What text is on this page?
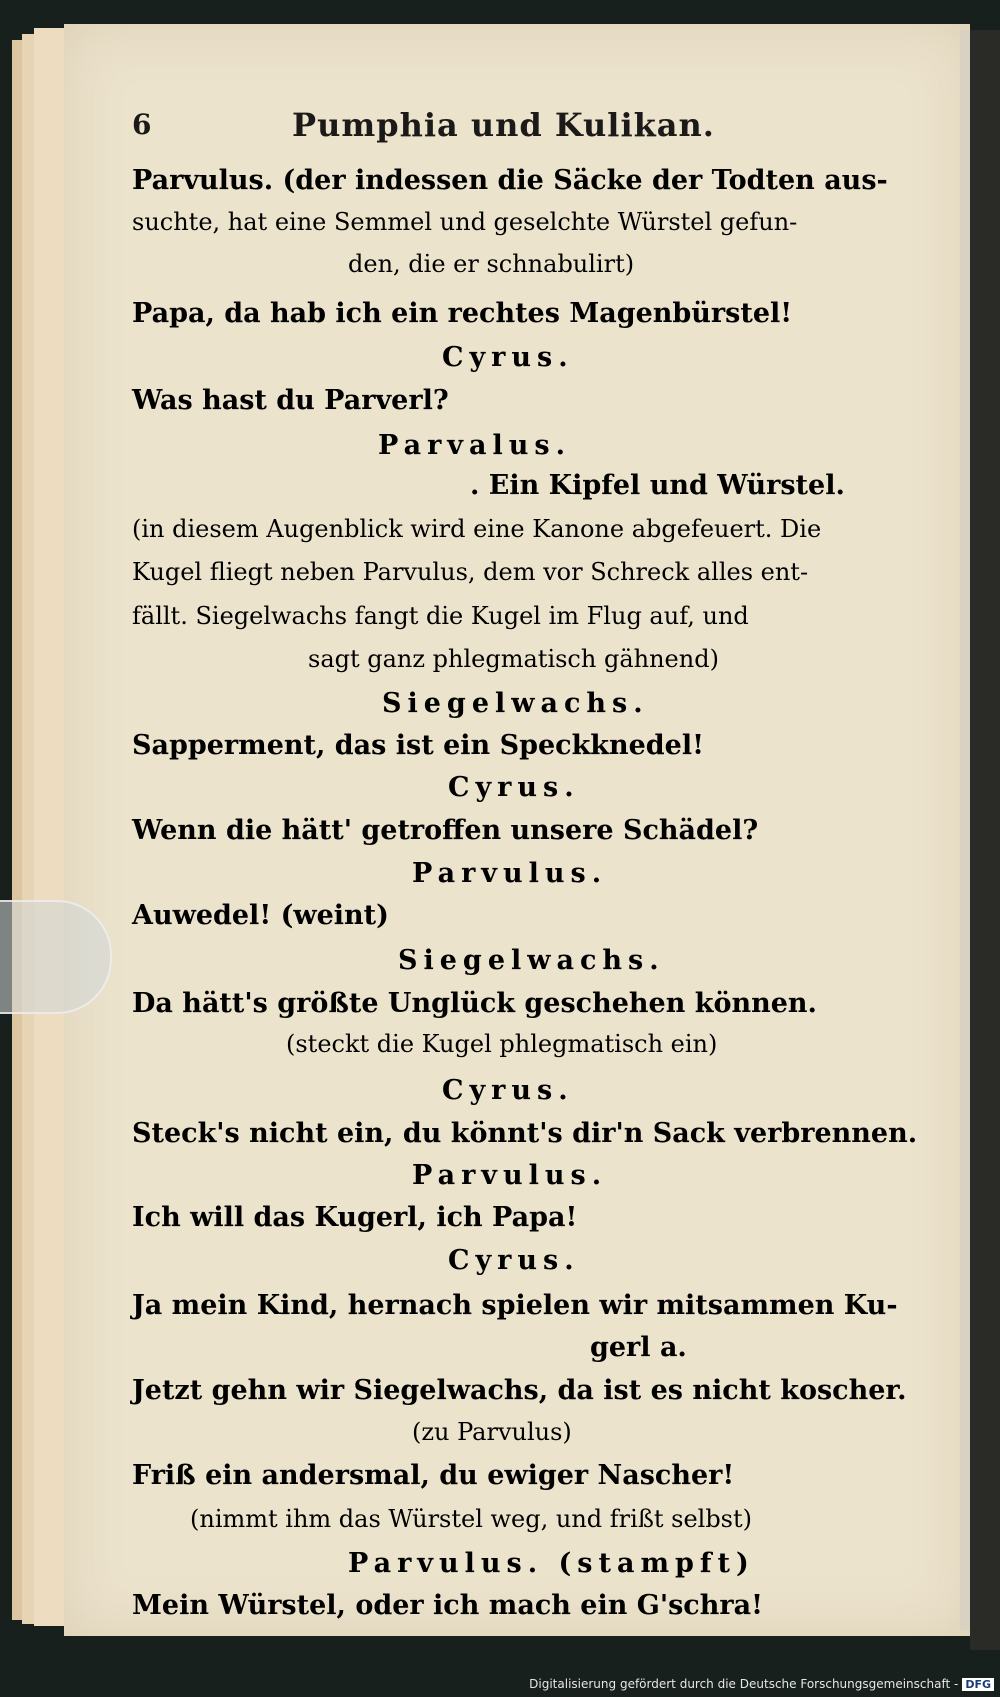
6	Pumphia und Kulikan.
Parvulus. (der indessen die Säcke der Todten aus-
suchte, hat eine Semmel und geselchte Würstel gefun-
den, die er schnabulirt)
Papa, da hab ich ein rechtes Magenbürstel!
Cyrus.
Was hast du Parverl?
Parvalus.
. Ein Kipfel und Würstel.
(in diesem Augenblick wird eine Kanone abgefeuert. Die
Kugel fliegt neben Parvulus, dem vor Schreck alles ent-
fällt. Siegelwachs fangt die Kugel im Flug auf, und
sagt ganz phlegmatisch gähnend)
Siegelwachs.
Sapperment, das ist ein Speckknedel!
Cyrus.
Wenn die hätt' getroffen unsere Schädel?
Parvulus.
Auwedel! (weint)
Siegelwachs.
Da hätt's größte Unglück geschehen können.
(steckt die Kugel phlegmatisch ein)
Cyrus.
Steck's nicht ein, du könnt's dir'n Sack verbrennen.
Parvulus.
Ich will das Kugerl, ich Papa!
Cyrus.
Ja mein Kind, hernach spielen wir mitsammen Ku-
gerl a.
Jetzt gehn wir Siegelwachs, da ist es nicht koscher.
(zu Parvulus)
Friß ein andersmal, du ewiger Nascher!
(nimmt ihm das Würstel weg, und frißt selbst)
Parvulus. (stampft)
Mein Würstel, oder ich mach ein G'schra!
Digitalisierung gefördert durch die Deutsche Forschungsgemeinschaft - DFG
